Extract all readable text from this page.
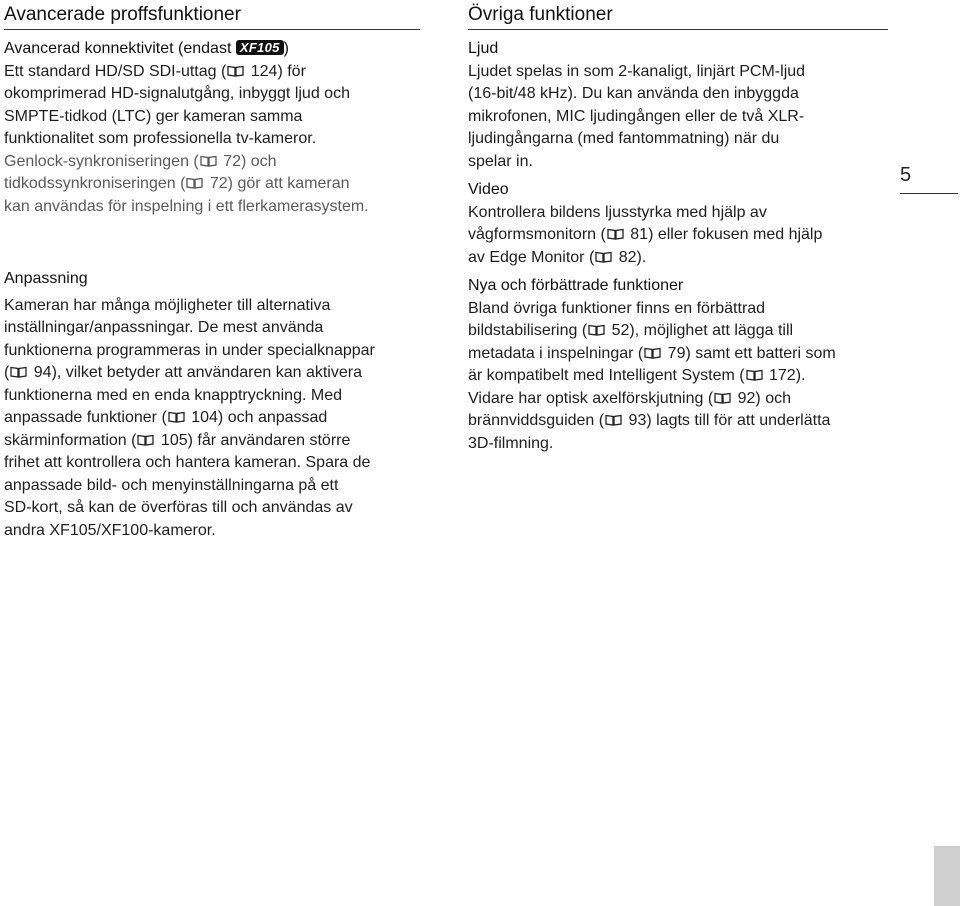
Avancerade proffsfunktioner

Avancerad konnektivitet (endast XF105 )

Ett standard HD/SD SDI-uttag (
124) för
okomprimerad HD-signalutgång, inbyggt ljud och
SMPTE-tidkod (LTC) ger kameran samma
funktionalitet som professionella tv-kameror.

Genlock-synkroniseringen (
72) och
tidkodssynkroniseringen (
72) gör att kameran
kan användas för inspelning i ett flerkamerasystem.

Anpassning

Kameran har många möjligheter till alternativa
inställningar/anpassningar. De mest använda
funktionerna programmeras in under specialknappar
(
94), vilket betyder att användaren kan aktivera
funktionerna med en enda knapptryckning. Med
anpassade funktioner (
104) och anpassad
skärminformation (
105) får användaren större
frihet att kontrollera och hantera kameran. Spara de
anpassade bild- och menyinställningarna på ett
SD-kort, så kan de överföras till och användas av
andra XF105/XF100-kameror.

Övriga funktioner

Ljud

Ljudet spelas in som 2-kanaligt, linjärt PCM-ljud
(16-bit/48 kHz). Du kan använda den inbyggda
mikrofonen, MIC ljudingången eller de två XLR-
ljudingångarna (med fantommatning) när du
spelar in.

Video

Kontrollera bildens ljusstyrka med hjälp av
vågformsmonitorn (
81) eller fokusen med hjälp
av Edge Monitor (
82).

Nya och förbättrade funktioner

Bland övriga funktioner finns en förbättrad
bildstabilisering (
52), möjlighet att lägga till
metadata i inspelningar (
79) samt ett batteri som
är kompatibelt med Intelligent System (
172).
Vidare har optisk axelförskjutning (
92) och
brännviddsguiden (
93) lagts till för att underlätta
3D-filmning.

5
